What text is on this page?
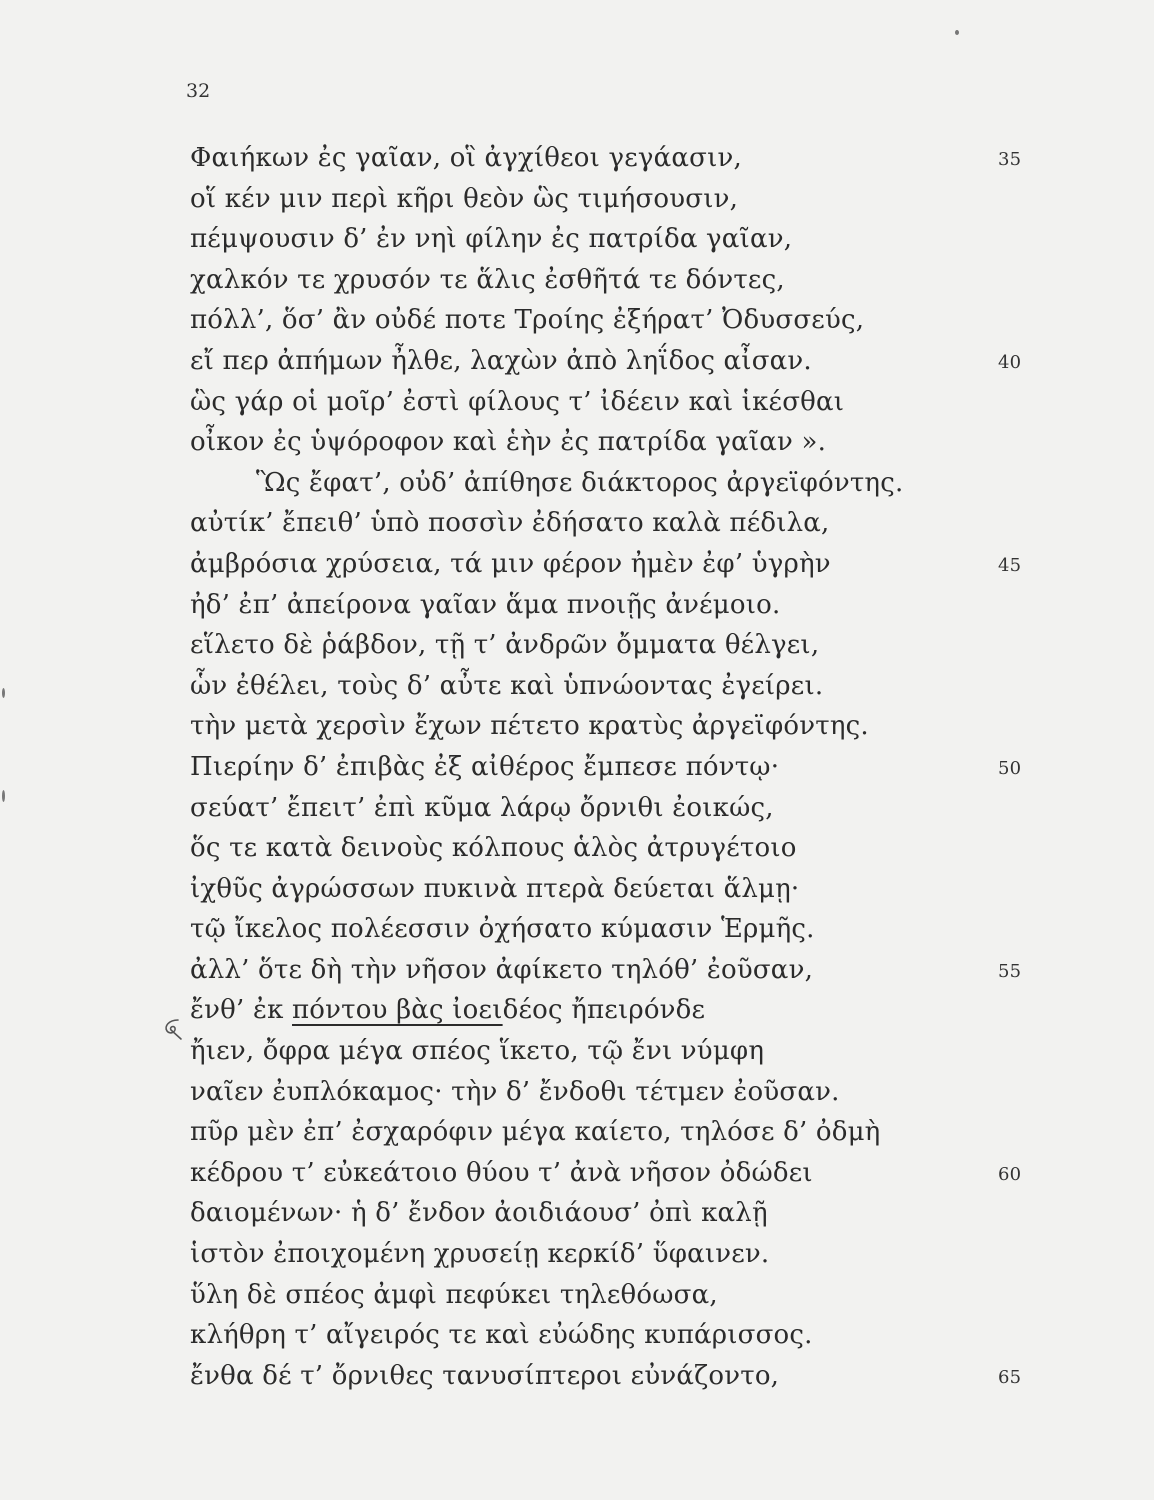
32
Φαιήκων ἐς γαῖαν, οἳ ἀγχίθεοι γεγάασιν,	35
οἵ κέν μιν περὶ κῆρι θεὸν ὣς τιμήσουσιν,
πέμψουσιν δ’ ἐν νηὶ φίλην ἐς πατρίδα γαῖαν,
χαλκόν τε χρυσόν τε ἅλις ἐσθῆτά τε δόντες,
πόλλ’, ὅσ’ ἂν οὐδέ ποτε Τροίης ἐξήρατ’ Ὀδυσσεύς,
εἴ περ ἀπήμων ἦλθε, λαχὼν ἀπὸ ληΐδος αἶσαν.	40
ὣς γάρ οἱ μοῖρ’ ἐστὶ φίλους τ’ ἰδέειν καὶ ἱκέσθαι
οἶκον ἐς ὑψόροφον καὶ ἑὴν ἐς πατρίδα γαῖαν ».
Ὣς ἔφατ’, οὐδ’ ἀπίθησε διάκτορος ἀργεϊφόντης.
αὐτίκ’ ἔπειθ’ ὑπὸ ποσσὶν ἐδήσατο καλὰ πέδιλα,
ἀμβρόσια χρύσεια, τά μιν φέρον ἠμὲν ἐφ’ ὑγρὴν	45
ἠδ’ ἐπ’ ἀπείρονα γαῖαν ἅμα πνοιῇς ἀνέμοιο.
εἵλετο δὲ ῥάβδον, τῇ τ’ ἀνδρῶν ὄμματα θέλγει,
ὧν ἐθέλει, τοὺς δ’ αὖτε καὶ ὑπνώοντας ἐγείρει.
τὴν μετὰ χερσὶν ἔχων πέτετο κρατὺς ἀργεϊφόντης.
Πιερίην δ’ ἐπιβὰς ἐξ αἰθέρος ἔμπεσε πόντῳ·	50
σεύατ’ ἔπειτ’ ἐπὶ κῦμα λάρῳ ὄρνιθι ἐοικώς,
ὅς τε κατὰ δεινοὺς κόλπους ἁλὸς ἀτρυγέτοιο
ἰχθῦς ἀγρώσσων πυκινὰ πτερὰ δεύεται ἅλμῃ·
τῷ ἴκελος πολέεσσιν ὀχήσατο κύμασιν Ἑρμῆς.
ἀλλ’ ὅτε δὴ τὴν νῆσον ἀφίκετο τηλόθ’ ἐοῦσαν,	55
ἔνθ’ ἐκ πόντου βὰς ἰοειδέος ἤπειρόνδε
ἤιεν, ὄφρα μέγα σπέος ἵκετο, τῷ ἔνι νύμφη
ναῖεν ἐυπλόκαμος· τὴν δ’ ἔνδοθι τέτμεν ἐοῦσαν.
πῦρ μὲν ἐπ’ ἐσχαρόφιν μέγα καίετο, τηλόσε δ’ ὀδμὴ
κέδρου τ’ εὐκεάτοιο θύου τ’ ἀνὰ νῆσον ὀδώδει	60
δαιομένων· ἡ δ’ ἔνδον ἀοιδιάουσ’ ὀπὶ καλῇ
ἱστὸν ἐποιχομένη χρυσείῃ κερκίδ’ ὕφαινεν.
ὕλη δὲ σπέος ἀμφὶ πεφύκει τηλεθόωσα,
κλήθρη τ’ αἴγειρός τε καὶ εὐώδης κυπάρισσος.
ἔνθα δέ τ’ ὄρνιθες τανυσίπτεροι εὐνάζοντο,	65
